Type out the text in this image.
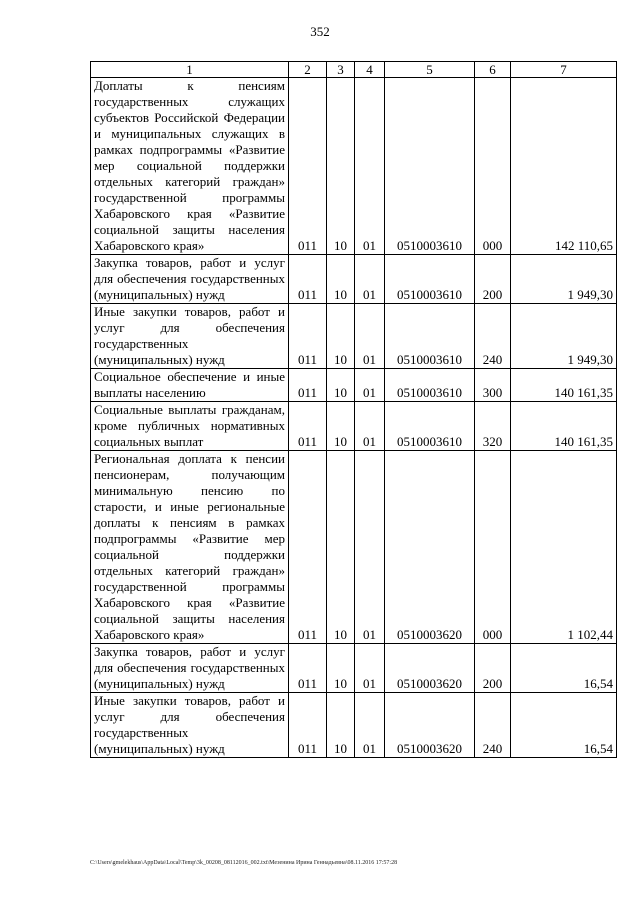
352
1	2	3	4	5	6	7
Доплаты к пенсиям государственных служащих субъектов Российской Федерации и муниципальных служащих в рамках подпрограммы «Развитие мер социальной поддержки отдельных категорий граждан» государственной программы Хабаровского края «Развитие социальной защиты населения Хабаровского края»	011	10	01	0510003610	000	142 110,65
Закупка товаров, работ и услуг для обеспечения государственных (муниципальных) нужд	011	10	01	0510003610	200	1 949,30
Иные закупки товаров, работ и услуг для обеспечения государственных (муниципальных) нужд	011	10	01	0510003610	240	1 949,30
Социальное обеспечение и иные выплаты населению	011	10	01	0510003610	300	140 161,35
Социальные выплаты гражданам, кроме публичных нормативных социальных выплат	011	10	01	0510003610	320	140 161,35
Региональная доплата к пенсии пенсионерам, получающим минимальную пенсию по старости, и иные региональные доплаты к пенсиям в рамках подпрограммы «Развитие мер социальной поддержки отдельных категорий граждан» государственной программы Хабаровского края «Развитие социальной защиты населения Хабаровского края»	011	10	01	0510003620	000	1 102,44
Закупка товаров, работ и услуг для обеспечения государственных (муниципальных) нужд	011	10	01	0510003620	200	16,54
Иные закупки товаров, работ и услуг для обеспечения государственных (муниципальных) нужд	011	10	01	0510003620	240	16,54
C:\Users\gmelekhaus\AppData\Local\Temp\3k_00208_08112016_002.txt\Мезенина Ирина Геннадьевна\08.11.2016 17:57:28
